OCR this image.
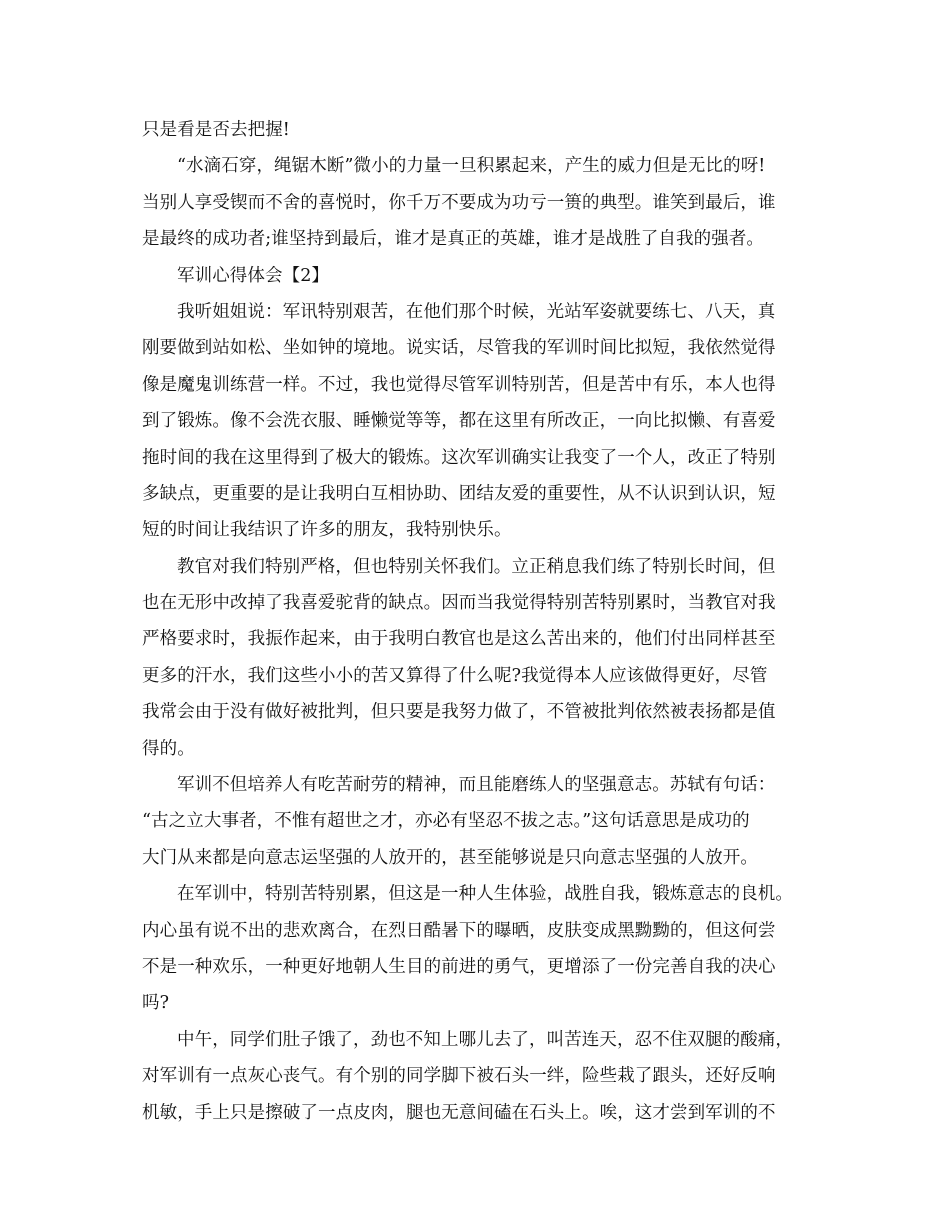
只是看是否去把握!
“水滴石穿，绳锯木断”微小的力量一旦积累起来，产生的威力但是无比的呀!
当别人享受锲而不舍的喜悦时，你千万不要成为功亏一篑的典型。谁笑到最后，谁
是最终的成功者;谁坚持到最后，谁才是真正的英雄，谁才是战胜了自我的强者。
军训心得体会【2】
我听姐姐说：军讯特别艰苦，在他们那个时候，光站军姿就要练七、八天，真
刚要做到站如松、坐如钟的境地。说实话，尽管我的军训时间比拟短，我依然觉得
像是魔鬼训练营一样。不过，我也觉得尽管军训特别苦，但是苦中有乐，本人也得
到了锻炼。像不会洗衣服、睡懒觉等等，都在这里有所改正，一向比拟懒、有喜爱
拖时间的我在这里得到了极大的锻炼。这次军训确实让我变了一个人，改正了特别
多缺点，更重要的是让我明白互相协助、团结友爱的重要性，从不认识到认识，短
短的时间让我结识了许多的朋友，我特别快乐。
教官对我们特别严格，但也特别关怀我们。立正稍息我们练了特别长时间，但
也在无形中改掉了我喜爱驼背的缺点。因而当我觉得特别苦特别累时，当教官对我
严格要求时，我振作起来，由于我明白教官也是这么苦出来的，他们付出同样甚至
更多的汗水，我们这些小小的苦又算得了什么呢?我觉得本人应该做得更好，尽管
我常会由于没有做好被批判，但只要是我努力做了，不管被批判依然被表扬都是值
得的。
军训不但培养人有吃苦耐劳的精神，而且能磨练人的坚强意志。苏轼有句话：
“古之立大事者，不惟有超世之才，亦必有坚忍不拔之志。”这句话意思是成功的
大门从来都是向意志运坚强的人放开的，甚至能够说是只向意志坚强的人放开。
在军训中，特别苦特别累，但这是一种人生体验，战胜自我，锻炼意志的良机。
内心虽有说不出的悲欢离合，在烈日酷暑下的曝晒，皮肤变成黑黝黝的，但这何尝
不是一种欢乐，一种更好地朝人生目的前进的勇气，更增添了一份完善自我的决心
吗?
中午，同学们肚子饿了，劲也不知上哪儿去了，叫苦连天，忍不住双腿的酸痛，
对军训有一点灰心丧气。有个别的同学脚下被石头一绊，险些栽了跟头，还好反响
机敏，手上只是擦破了一点皮肉，腿也无意间磕在石头上。唉，这才尝到军训的不
